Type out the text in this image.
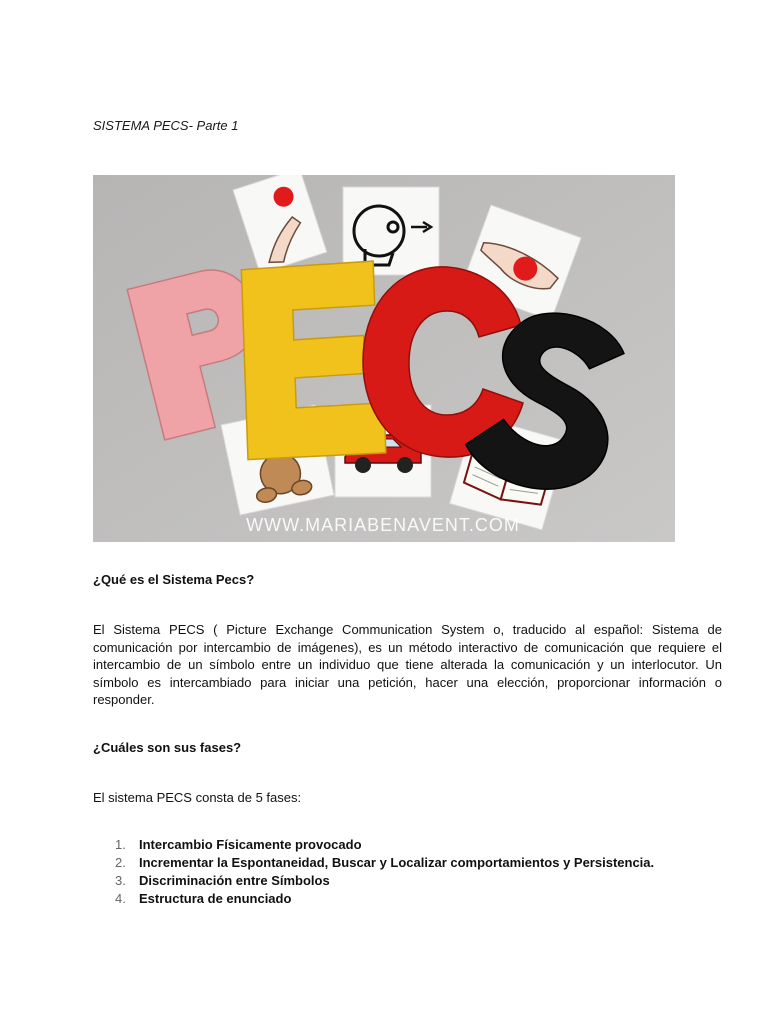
SISTEMA PECS- Parte 1
WWW.MARIABENAVENT.COM
¿Qué es el Sistema Pecs?
El Sistema PECS ( Picture Exchange Communication System o, traducido al español: Sistema de comunicación por intercambio de imágenes), es un método interactivo de comunicación que requiere el intercambio de un símbolo entre un individuo que tiene alterada la comunicación y un interlocutor. Un símbolo es intercambiado para iniciar una petición, hacer una elección, proporcionar información o responder.
¿Cuáles son sus fases?
El sistema PECS consta de 5 fases:
1.	Intercambio Físicamente provocado
2.	Incrementar la Espontaneidad, Buscar y Localizar comportamientos y Persistencia.
3.	Discriminación entre Símbolos
4.	Estructura de enunciado
